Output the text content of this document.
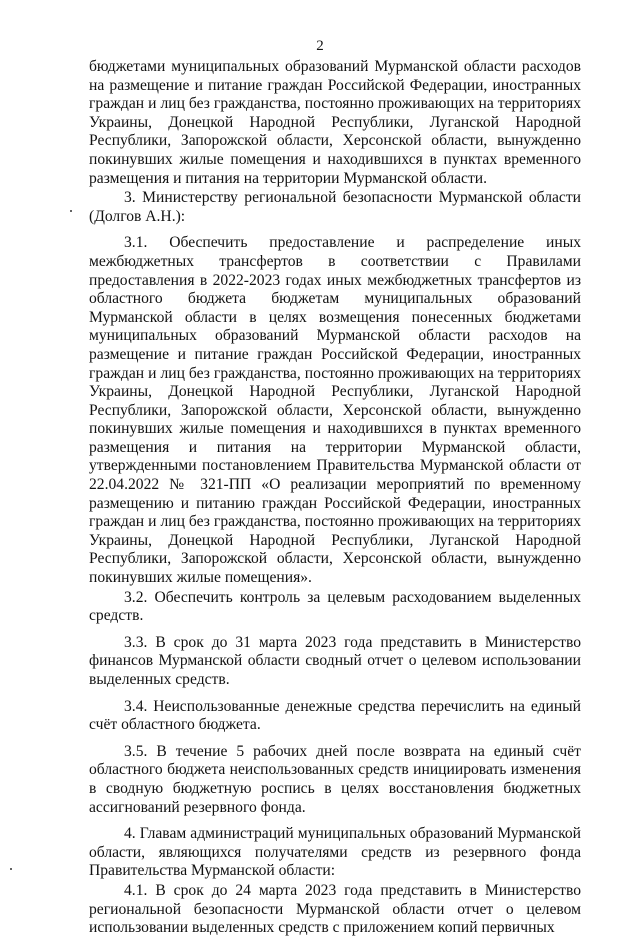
2

бюджетами муниципальных образований Мурманской области расходов на размещение и питание граждан Российской Федерации, иностранных граждан и лиц без гражданства, постоянно проживающих на территориях Украины, Донецкой Народной Республики, Луганской Народной Республики, Запорожской области, Херсонской области, вынужденно покинувших жилые помещения и находившихся в пунктах временного размещения и питания на территории Мурманской области.

3. Министерству региональной безопасности Мурманской области (Долгов А.Н.):

3.1. Обеспечить предоставление и распределение иных межбюджетных трансфертов в соответствии с Правилами предоставления в 2022-2023 годах иных межбюджетных трансфертов из областного бюджета бюджетам муниципальных образований Мурманской области в целях возмещения понесенных бюджетами муниципальных образований Мурманской области расходов на размещение и питание граждан Российской Федерации, иностранных граждан и лиц без гражданства, постоянно проживающих на территориях Украины, Донецкой Народной Республики, Луганской Народной Республики, Запорожской области, Херсонской области, вынужденно покинувших жилые помещения и находившихся в пунктах временного размещения и питания на территории Мурманской области, утвержденными постановлением Правительства Мурманской области от 22.04.2022 № 321-ПП «О реализации мероприятий по временному размещению и питанию граждан Российской Федерации, иностранных граждан и лиц без гражданства, постоянно проживающих на территориях Украины, Донецкой Народной Республики, Луганской Народной Республики, Запорожской области, Херсонской области, вынужденно покинувших жилые помещения».

3.2. Обеспечить контроль за целевым расходованием выделенных средств.

3.3. В срок до 31 марта 2023 года представить в Министерство финансов Мурманской области сводный отчет о целевом использовании выделенных средств.

3.4. Неиспользованные денежные средства перечислить на единый счёт областного бюджета.

3.5. В течение 5 рабочих дней после возврата на единый счёт областного бюджета неиспользованных средств инициировать изменения в сводную бюджетную роспись в целях восстановления бюджетных ассигнований резервного фонда.

4. Главам администраций муниципальных образований Мурманской области, являющихся получателями средств из резервного фонда Правительства Мурманской области:

4.1. В срок до 24 марта 2023 года представить в Министерство региональной безопасности Мурманской области отчет о целевом использовании выделенных средств с приложением копий первичных
